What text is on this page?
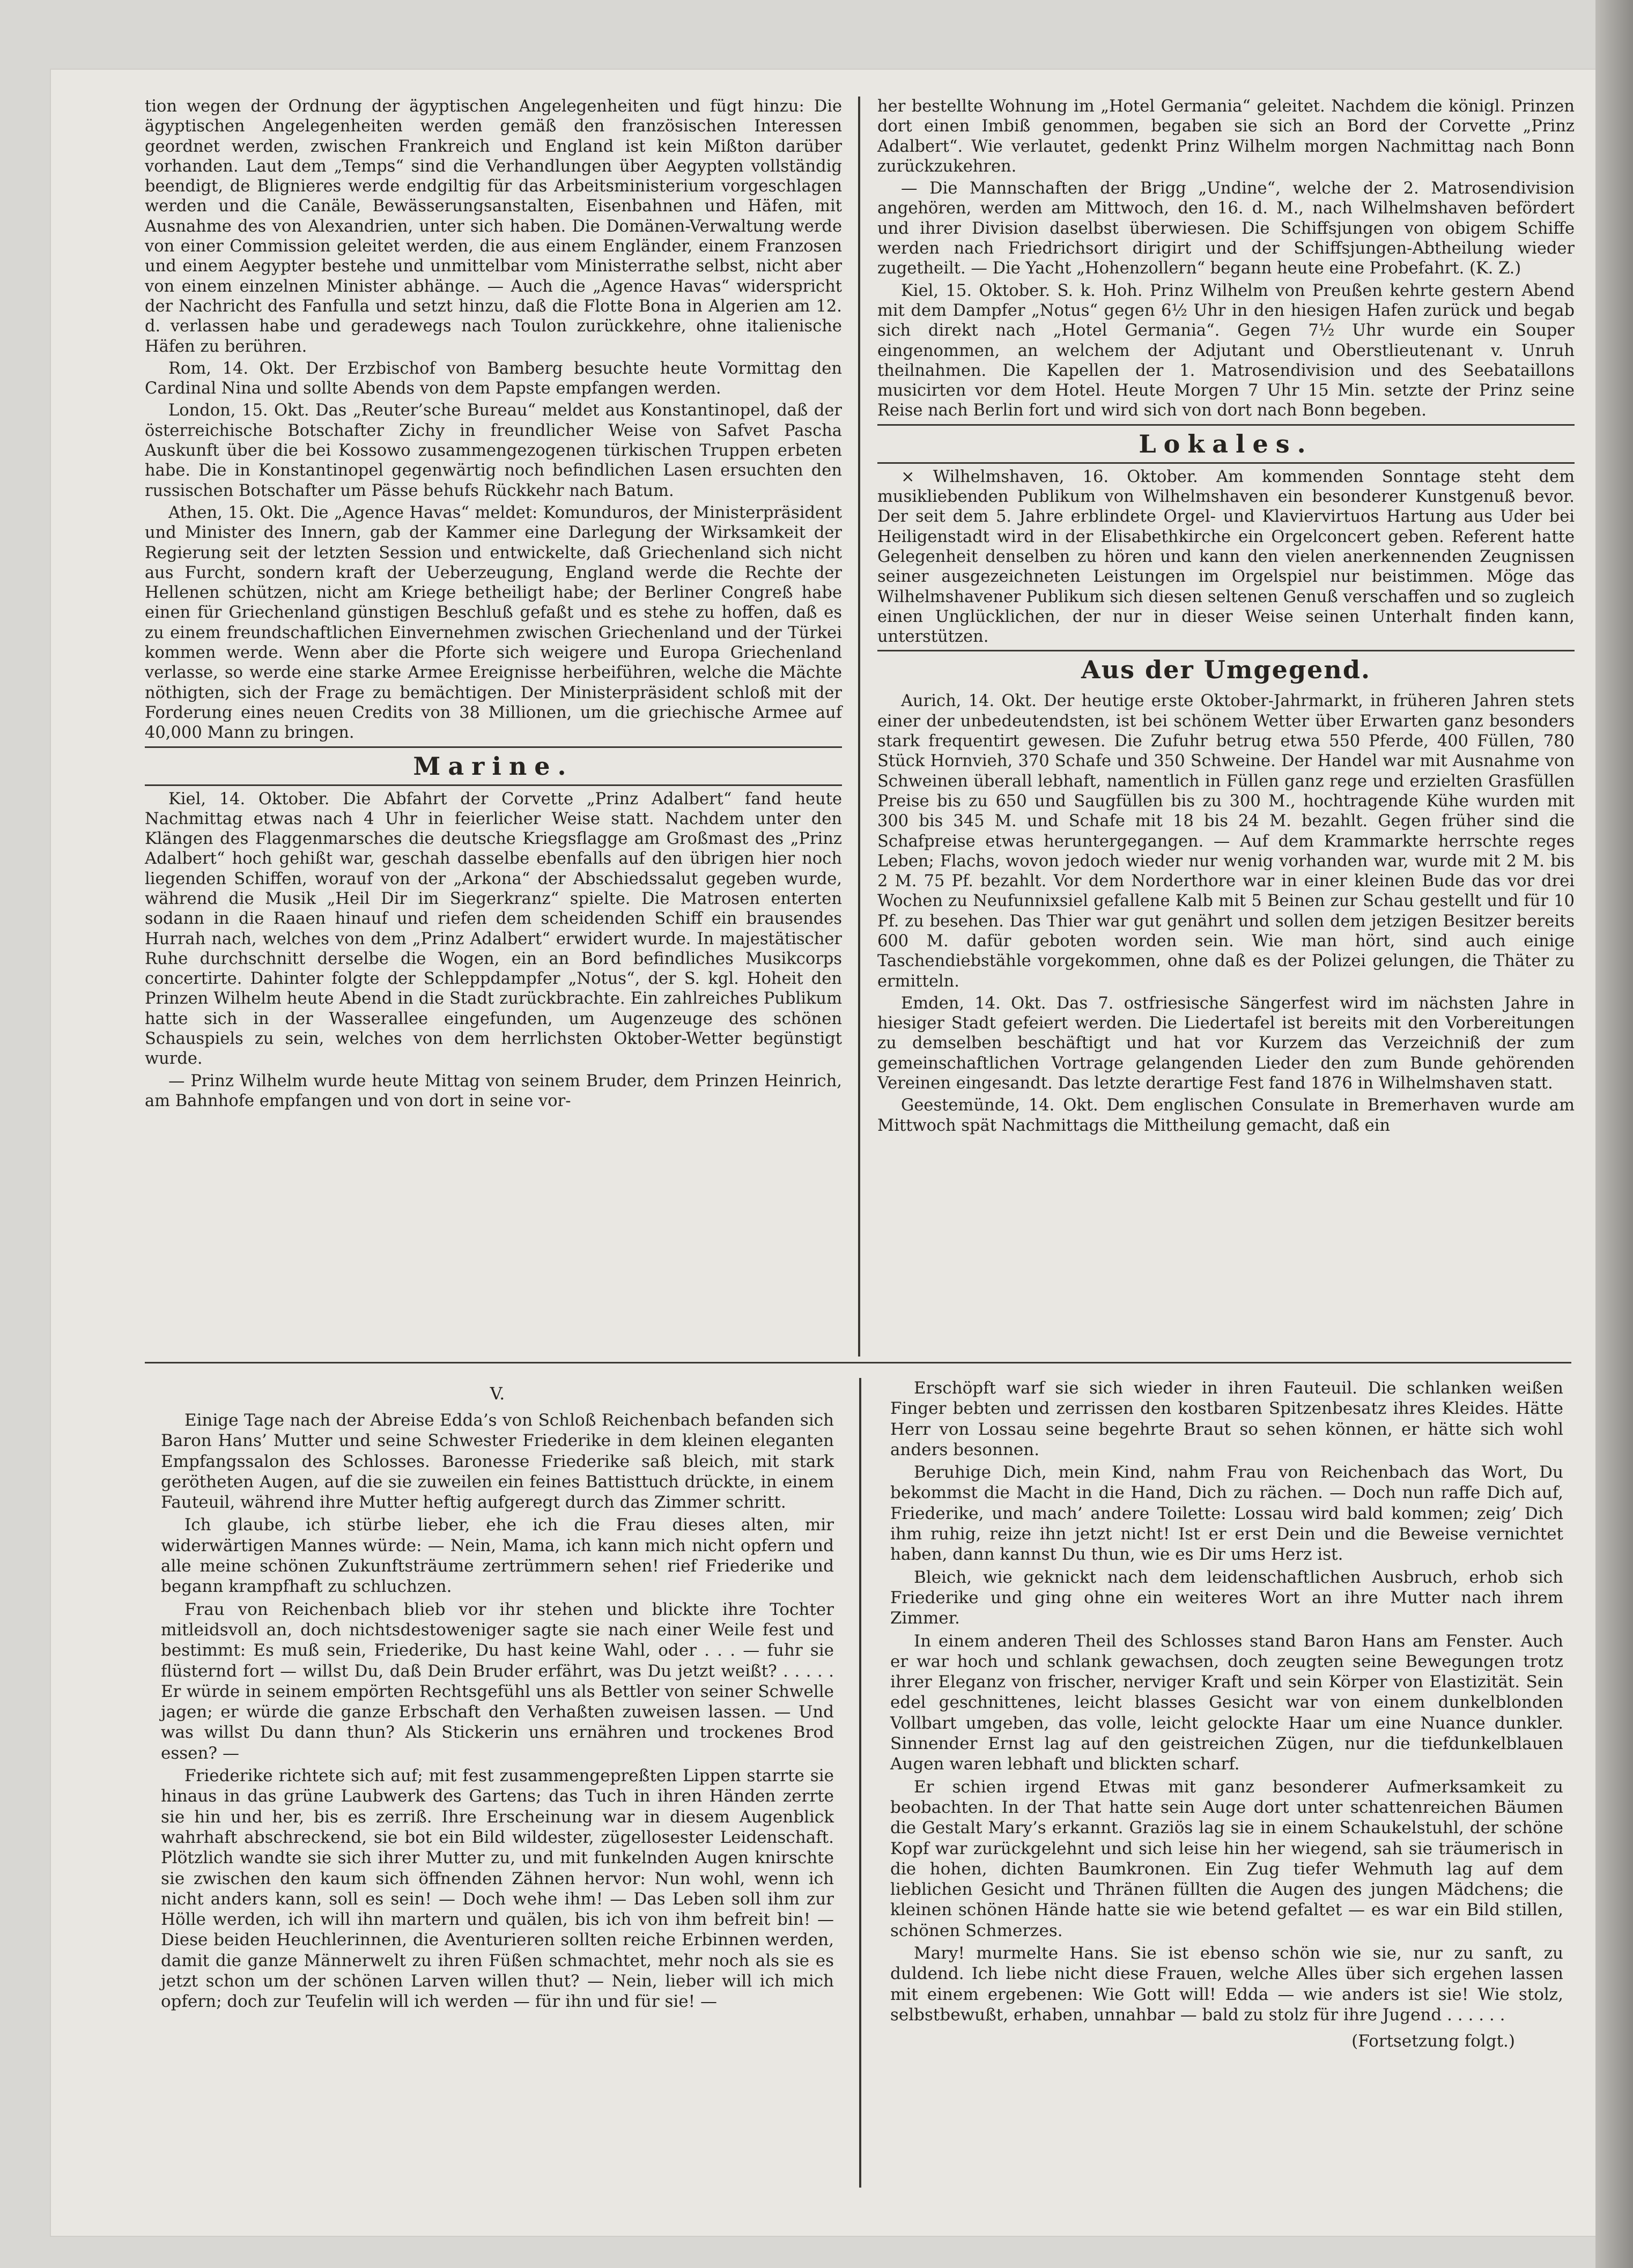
tion wegen der Ordnung der ägyptischen Angelegenheiten und fügt hinzu: Die ägyptischen Angelegenheiten werden gemäß den französischen Interessen geordnet werden, zwischen Frankreich und England ist kein Mißton darüber vorhanden. Laut dem „Temps“ sind die Verhandlungen über Aegypten vollständig beendigt, de Blignieres werde endgiltig für das Arbeitsministerium vorgeschlagen werden und die Canäle, Bewässerungsanstalten, Eisenbahnen und Häfen, mit Ausnahme des von Alexandrien, unter sich haben. Die Domänen-Verwaltung werde von einer Commission geleitet werden, die aus einem Engländer, einem Franzosen und einem Aegypter bestehe und unmittelbar vom Ministerrathe selbst, nicht aber von einem einzelnen Minister abhänge. — Auch die „Agence Havas“ widerspricht der Nachricht des Fanfulla und setzt hinzu, daß die Flotte Bona in Algerien am 12. d. verlassen habe und geradewegs nach Toulon zurückkehre, ohne italienische Häfen zu berühren.

Rom, 14. Okt. Der Erzbischof von Bamberg besuchte heute Vormittag den Cardinal Nina und sollte Abends von dem Papste empfangen werden.

London, 15. Okt. Das „Reuter’sche Bureau“ meldet aus Konstantinopel, daß der österreichische Botschafter Zichy in freundlicher Weise von Safvet Pascha Auskunft über die bei Kossowo zusammengezogenen türkischen Truppen erbeten habe. Die in Konstantinopel gegenwärtig noch befindlichen Lasen ersuchten den russischen Botschafter um Pässe behufs Rückkehr nach Batum.

Athen, 15. Okt. Die „Agence Havas“ meldet: Komunduros, der Ministerpräsident und Minister des Innern, gab der Kammer eine Darlegung der Wirksamkeit der Regierung seit der letzten Session und entwickelte, daß Griechenland sich nicht aus Furcht, sondern kraft der Ueberzeugung, England werde die Rechte der Hellenen schützen, nicht am Kriege betheiligt habe; der Berliner Congreß habe einen für Griechenland günstigen Beschluß gefaßt und es stehe zu hoffen, daß es zu einem freundschaftlichen Einvernehmen zwischen Griechenland und der Türkei kommen werde. Wenn aber die Pforte sich weigere und Europa Griechenland verlasse, so werde eine starke Armee Ereignisse herbeiführen, welche die Mächte nöthigten, sich der Frage zu bemächtigen. Der Ministerpräsident schloß mit der Forderung eines neuen Credits von 38 Millionen, um die griechische Armee auf 40,000 Mann zu bringen.

Marine.

Kiel, 14. Oktober. Die Abfahrt der Corvette „Prinz Adalbert“ fand heute Nachmittag etwas nach 4 Uhr in feierlicher Weise statt. Nachdem unter den Klängen des Flaggenmarsches die deutsche Kriegsflagge am Großmast des „Prinz Adalbert“ hoch gehißt war, geschah dasselbe ebenfalls auf den übrigen hier noch liegenden Schiffen, worauf von der „Arkona“ der Abschiedssalut gegeben wurde, während die Musik „Heil Dir im Siegerkranz“ spielte. Die Matrosen enterten sodann in die Raaen hinauf und riefen dem scheidenden Schiff ein brausendes Hurrah nach, welches von dem „Prinz Adalbert“ erwidert wurde. In majestätischer Ruhe durchschnitt derselbe die Wogen, ein an Bord befindliches Musikcorps concertirte. Dahinter folgte der Schleppdampfer „Notus“, der S. kgl. Hoheit den Prinzen Wilhelm heute Abend in die Stadt zurückbrachte. Ein zahlreiches Publikum hatte sich in der Wasserallee eingefunden, um Augenzeuge des schönen Schauspiels zu sein, welches von dem herrlichsten Oktober-Wetter begünstigt wurde.

— Prinz Wilhelm wurde heute Mittag von seinem Bruder, dem Prinzen Heinrich, am Bahnhofe empfangen und von dort in seine vor-

her bestellte Wohnung im „Hotel Germania“ geleitet. Nachdem die königl. Prinzen dort einen Imbiß genommen, begaben sie sich an Bord der Corvette „Prinz Adalbert“. Wie verlautet, gedenkt Prinz Wilhelm morgen Nachmittag nach Bonn zurückzukehren.

— Die Mannschaften der Brigg „Undine“, welche der 2. Matrosendivision angehören, werden am Mittwoch, den 16. d. M., nach Wilhelmshaven befördert und ihrer Division daselbst überwiesen. Die Schiffsjungen von obigem Schiffe werden nach Friedrichsort dirigirt und der Schiffsjungen-Abtheilung wieder zugetheilt. — Die Yacht „Hohenzollern“ begann heute eine Probefahrt. (K. Z.)

Kiel, 15. Oktober. S. k. Hoh. Prinz Wilhelm von Preußen kehrte gestern Abend mit dem Dampfer „Notus“ gegen 6½ Uhr in den hiesigen Hafen zurück und begab sich direkt nach „Hotel Germania“. Gegen 7½ Uhr wurde ein Souper eingenommen, an welchem der Adjutant und Oberstlieutenant v. Unruh theilnahmen. Die Kapellen der 1. Matrosendivision und des Seebataillons musicirten vor dem Hotel. Heute Morgen 7 Uhr 15 Min. setzte der Prinz seine Reise nach Berlin fort und wird sich von dort nach Bonn begeben.

Lokales.

× Wilhelmshaven, 16. Oktober. Am kommenden Sonntage steht dem musikliebenden Publikum von Wilhelmshaven ein besonderer Kunstgenuß bevor. Der seit dem 5. Jahre erblindete Orgel- und Klaviervirtuos Hartung aus Uder bei Heiligenstadt wird in der Elisabethkirche ein Orgelconcert geben. Referent hatte Gelegenheit denselben zu hören und kann den vielen anerkennenden Zeugnissen seiner ausgezeichneten Leistungen im Orgelspiel nur beistimmen. Möge das Wilhelmshavener Publikum sich diesen seltenen Genuß verschaffen und so zugleich einen Unglücklichen, der nur in dieser Weise seinen Unterhalt finden kann, unterstützen.

Aus der Umgegend.

Aurich, 14. Okt. Der heutige erste Oktober-Jahrmarkt, in früheren Jahren stets einer der unbedeutendsten, ist bei schönem Wetter über Erwarten ganz besonders stark frequentirt gewesen. Die Zufuhr betrug etwa 550 Pferde, 400 Füllen, 780 Stück Hornvieh, 370 Schafe und 350 Schweine. Der Handel war mit Ausnahme von Schweinen überall lebhaft, namentlich in Füllen ganz rege und erzielten Grasfüllen Preise bis zu 650 und Saugfüllen bis zu 300 M., hochtragende Kühe wurden mit 300 bis 345 M. und Schafe mit 18 bis 24 M. bezahlt. Gegen früher sind die Schafpreise etwas heruntergegangen. — Auf dem Krammarkte herrschte reges Leben; Flachs, wovon jedoch wieder nur wenig vorhanden war, wurde mit 2 M. bis 2 M. 75 Pf. bezahlt. Vor dem Norderthore war in einer kleinen Bude das vor drei Wochen zu Neufunnixsiel gefallene Kalb mit 5 Beinen zur Schau gestellt und für 10 Pf. zu besehen. Das Thier war gut genährt und sollen dem jetzigen Besitzer bereits 600 M. dafür geboten worden sein. Wie man hört, sind auch einige Taschendiebstähle vorgekommen, ohne daß es der Polizei gelungen, die Thäter zu ermitteln.

Emden, 14. Okt. Das 7. ostfriesische Sängerfest wird im nächsten Jahre in hiesiger Stadt gefeiert werden. Die Liedertafel ist bereits mit den Vorbereitungen zu demselben beschäftigt und hat vor Kurzem das Verzeichniß der zum gemeinschaftlichen Vortrage gelangenden Lieder den zum Bunde gehörenden Vereinen eingesandt. Das letzte derartige Fest fand 1876 in Wilhelmshaven statt.

Geestemünde, 14. Okt. Dem englischen Consulate in Bremerhaven wurde am Mittwoch spät Nachmittags die Mittheilung gemacht, daß ein

V.

Einige Tage nach der Abreise Edda’s von Schloß Reichenbach befanden sich Baron Hans’ Mutter und seine Schwester Friederike in dem kleinen eleganten Empfangssalon des Schlosses. Baronesse Friederike saß bleich, mit stark gerötheten Augen, auf die sie zuweilen ein feines Battisttuch drückte, in einem Fauteuil, während ihre Mutter heftig aufgeregt durch das Zimmer schritt.

Ich glaube, ich stürbe lieber, ehe ich die Frau dieses alten, mir widerwärtigen Mannes würde: — Nein, Mama, ich kann mich nicht opfern und alle meine schönen Zukunftsträume zertrümmern sehen! rief Friederike und begann krampfhaft zu schluchzen.

Frau von Reichenbach blieb vor ihr stehen und blickte ihre Tochter mitleidsvoll an, doch nichtsdestoweniger sagte sie nach einer Weile fest und bestimmt: Es muß sein, Friederike, Du hast keine Wahl, oder . . . — fuhr sie flüsternd fort — willst Du, daß Dein Bruder erfährt, was Du jetzt weißt? . . . . . Er würde in seinem empörten Rechtsgefühl uns als Bettler von seiner Schwelle jagen; er würde die ganze Erbschaft den Verhaßten zuweisen lassen. — Und was willst Du dann thun? Als Stickerin uns ernähren und trockenes Brod essen? —

Friederike richtete sich auf; mit fest zusammengepreßten Lippen starrte sie hinaus in das grüne Laubwerk des Gartens; das Tuch in ihren Händen zerrte sie hin und her, bis es zerriß. Ihre Erscheinung war in diesem Augenblick wahrhaft abschreckend, sie bot ein Bild wildester, zügellosester Leidenschaft. Plötzlich wandte sie sich ihrer Mutter zu, und mit funkelnden Augen knirschte sie zwischen den kaum sich öffnenden Zähnen hervor: Nun wohl, wenn ich nicht anders kann, soll es sein! — Doch wehe ihm! — Das Leben soll ihm zur Hölle werden, ich will ihn martern und quälen, bis ich von ihm befreit bin! — Diese beiden Heuchlerinnen, die Aventurieren sollten reiche Erbinnen werden, damit die ganze Männerwelt zu ihren Füßen schmachtet, mehr noch als sie es jetzt schon um der schönen Larven willen thut? — Nein, lieber will ich mich opfern; doch zur Teufelin will ich werden — für ihn und für sie! —

Erschöpft warf sie sich wieder in ihren Fauteuil. Die schlanken weißen Finger bebten und zerrissen den kostbaren Spitzenbesatz ihres Kleides. Hätte Herr von Lossau seine begehrte Braut so sehen können, er hätte sich wohl anders besonnen.

Beruhige Dich, mein Kind, nahm Frau von Reichenbach das Wort, Du bekommst die Macht in die Hand, Dich zu rächen. — Doch nun raffe Dich auf, Friederike, und mach’ andere Toilette: Lossau wird bald kommen; zeig’ Dich ihm ruhig, reize ihn jetzt nicht! Ist er erst Dein und die Beweise vernichtet haben, dann kannst Du thun, wie es Dir ums Herz ist.

Bleich, wie geknickt nach dem leidenschaftlichen Ausbruch, erhob sich Friederike und ging ohne ein weiteres Wort an ihre Mutter nach ihrem Zimmer.

In einem anderen Theil des Schlosses stand Baron Hans am Fenster. Auch er war hoch und schlank gewachsen, doch zeugten seine Bewegungen trotz ihrer Eleganz von frischer, nerviger Kraft und sein Körper von Elastizität. Sein edel geschnittenes, leicht blasses Gesicht war von einem dunkelblonden Vollbart umgeben, das volle, leicht gelockte Haar um eine Nuance dunkler. Sinnender Ernst lag auf den geistreichen Zügen, nur die tiefdunkelblauen Augen waren lebhaft und blickten scharf.

Er schien irgend Etwas mit ganz besonderer Aufmerksamkeit zu beobachten. In der That hatte sein Auge dort unter schattenreichen Bäumen die Gestalt Mary’s erkannt. Graziös lag sie in einem Schaukelstuhl, der schöne Kopf war zurückgelehnt und sich leise hin her wiegend, sah sie träumerisch in die hohen, dichten Baumkronen. Ein Zug tiefer Wehmuth lag auf dem lieblichen Gesicht und Thränen füllten die Augen des jungen Mädchens; die kleinen schönen Hände hatte sie wie betend gefaltet — es war ein Bild stillen, schönen Schmerzes.

Mary! murmelte Hans. Sie ist ebenso schön wie sie, nur zu sanft, zu duldend. Ich liebe nicht diese Frauen, welche Alles über sich ergehen lassen mit einem ergebenen: Wie Gott will! Edda — wie anders ist sie! Wie stolz, selbstbewußt, erhaben, unnahbar — bald zu stolz für ihre Jugend . . . . . .

(Fortsetzung folgt.)
